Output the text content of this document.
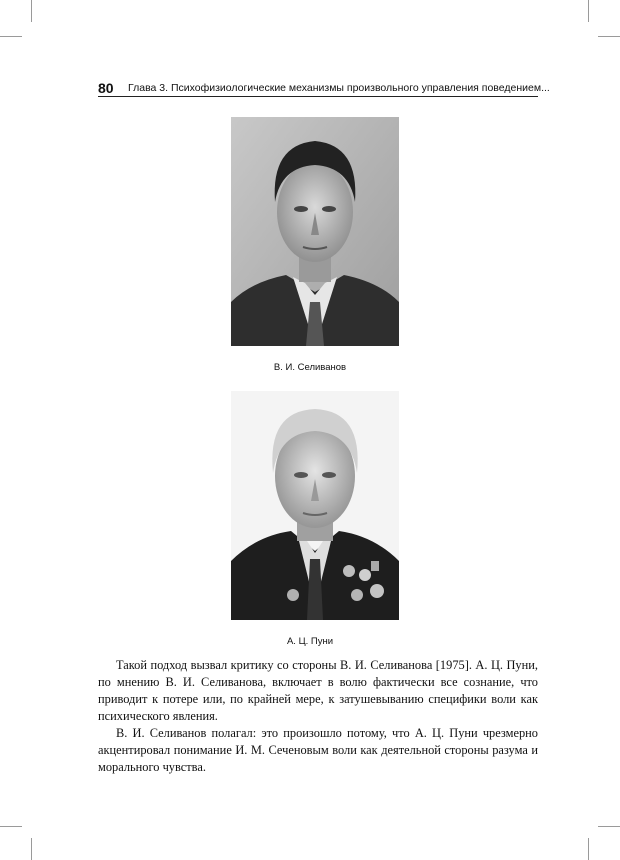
80 Глава 3. Психофизиологические механизмы произвольного управления поведением...
В. И. Селиванов
А. Ц. Пуни

Такой подход вызвал критику со стороны В. И. Селиванова [1975]. А. Ц. Пуни, по мнению В. И. Селиванова, включает в волю фактически все сознание, что приводит к потере или, по крайней мере, к затушевыванию специфики воли как психического явления.

В. И. Селиванов полагал: это произошло потому, что А. Ц. Пуни чрезмерно акцентировал понимание И. М. Сеченовым воли как деятельной стороны разума и морального чувства.
